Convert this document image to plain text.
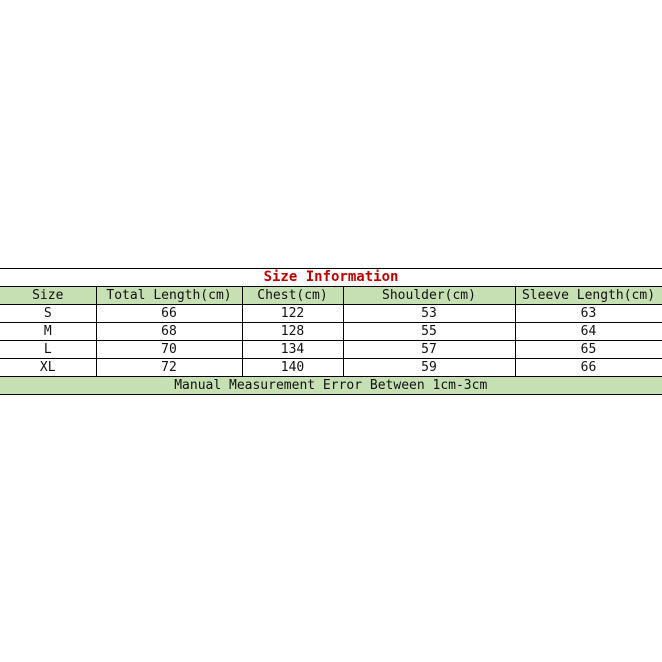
Size Information				
Size	Total Length(cm)	Chest(cm)	Shoulder(cm)	Sleeve Length(cm)
S	66	122	53	63
M	68	128	55	64
L	70	134	57	65
XL	72	140	59	66
Manual Measurement Error Between 1cm-3cm				
